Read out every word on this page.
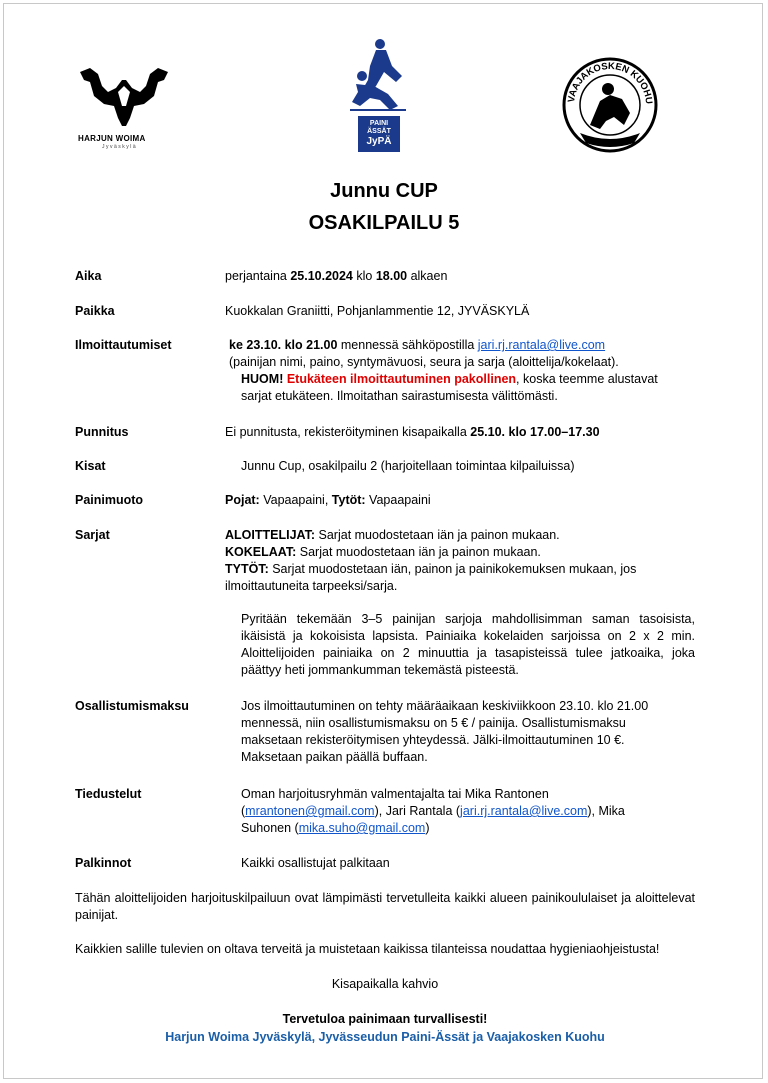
HARJUN WOIMA
Jyväskylä
PAINI
ÄSSÄT
JyPÄ
VAAJAKOSKEN KUOHU
Junnu CUP
OSAKILPAILU 5
Aika	perjantaina 25.10.2024 klo 18.00 alkaen
Paikka	Kuokkalan Graniitti, Pohjanlammentie 12, JYVÄSKYLÄ
Ilmoittautumiset	ke 23.10. klo 21.00 mennessä sähköpostilla jari.rj.rantala@live.com
(painijan nimi, paino, syntymävuosi, seura ja sarja (aloittelija/kokelaat).
HUOM! Etukäteen ilmoittautuminen pakollinen, koska teemme alustavat
sarjat etukäteen. Ilmoitathan sairastumisesta välittömästi.
Punnitus	Ei punnitusta, rekisteröityminen kisapaikalla 25.10. klo 17.00–17.30
Kisat	Junnu Cup, osakilpailu 2 (harjoitellaan toimintaa kilpailuissa)
Painimuoto	Pojat: Vapaapaini, Tytöt: Vapaapaini
Sarjat	ALOITTELIJAT: Sarjat muodostetaan iän ja painon mukaan.
KOKELAAT: Sarjat muodostetaan iän ja painon mukaan.
TYTÖT: Sarjat muodostetaan iän, painon ja painikokemuksen mukaan, jos ilmoittautuneita tarpeeksi/sarja.
Pyritään tekemään 3–5 painijan sarjoja mahdollisimman saman tasoisista, ikäisistä ja kokoisista lapsista. Painiaika kokelaiden sarjoissa on 2 x 2 min. Aloittelijoiden painiaika on 2 minuuttia ja tasapisteissä tulee jatkoaika, joka päättyy heti jommankumman tekemästä pisteestä.
Osallistumismaksu	Jos ilmoittautuminen on tehty määräaikaan keskiviikkoon 23.10. klo 21.00
mennessä, niin osallistumismaksu on 5 € / painija. Osallistumismaksu
maksetaan rekisteröitymisen yhteydessä. Jälki-ilmoittautuminen 10 €.
Maksetaan paikan päällä buffaan.
Tiedustelut	Oman harjoitusryhmän valmentajalta tai Mika Rantonen
(mrantonen@gmail.com), Jari Rantala (jari.rj.rantala@live.com), Mika
Suhonen (mika.suho@gmail.com)
Palkinnot	Kaikki osallistujat palkitaan
Tähän aloittelijoiden harjoituskilpailuun ovat lämpimästi tervetulleita kaikki alueen painikoululaiset ja aloittelevat painijat.
Kaikkien salille tulevien on oltava terveitä ja muistetaan kaikissa tilanteissa noudattaa hygieniaohjeistusta!
Kisapaikalla kahvio
Tervetuloa painimaan turvallisesti!
Harjun Woima Jyväskylä, Jyvässeudun Paini-Ässät ja Vaajakosken Kuohu
